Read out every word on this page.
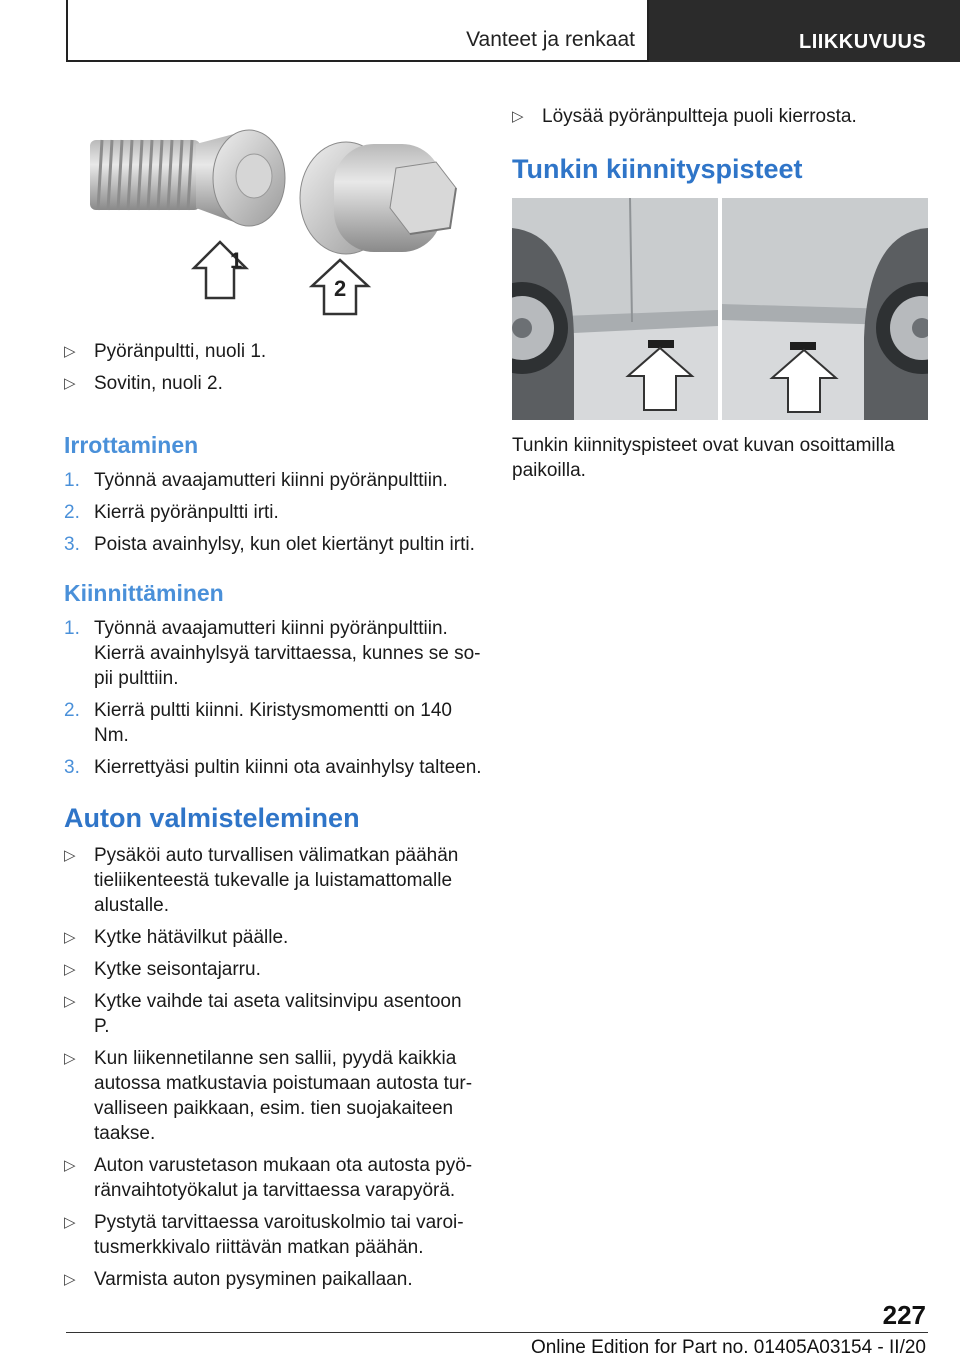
Vanteet ja renkaat	LIIKKUVUUS
1
2
▷ Pyöränpultti, nuoli 1.
▷ Sovitin, nuoli 2.
Irrottaminen
1. Työnnä avaajamutteri kiinni pyöränpulttiin.
2. Kierrä pyöränpultti irti.
3. Poista avainhylsy, kun olet kiertänyt pultin irti.
Kiinnittäminen
1. Työnnä avaajamutteri kiinni pyöränpulttiin. Kierrä avainhylsyä tarvittaessa, kunnes se so-pii pulttiin.
2. Kierrä pultti kiinni. Kiristysmomentti on 140 Nm.
3. Kierrettyäsi pultin kiinni ota avainhylsy talteen.
Auton valmisteleminen
▷ Pysäköi auto turvallisen välimatkan päähän tieliikenteestä tukevalle ja luistamattomalle alustalle.
▷ Kytke hätävilkut päälle.
▷ Kytke seisontajarru.
▷ Kytke vaihde tai aseta valitsinvipu asentoon P.
▷ Kun liikennetilanne sen sallii, pyydä kaikkia autossa matkustavia poistumaan autosta tur-valliseen paikkaan, esim. tien suojakaiteen taakse.
▷ Auton varustetason mukaan ota autosta pyö-ränvaihtotyökalut ja tarvittaessa varapyörä.
▷ Pystytä tarvittaessa varoituskolmio tai varoi-tusmerkkivalo riittävän matkan päähän.
▷ Varmista auton pysyminen paikallaan.
▷ Löysää pyöränpultteja puoli kierrosta.
Tunkin kiinnityspisteet

Tunkin kiinnityspisteet ovat kuvan osoittamilla paikoilla.

227
Online Edition for Part no. 01405A03154 - II/20
